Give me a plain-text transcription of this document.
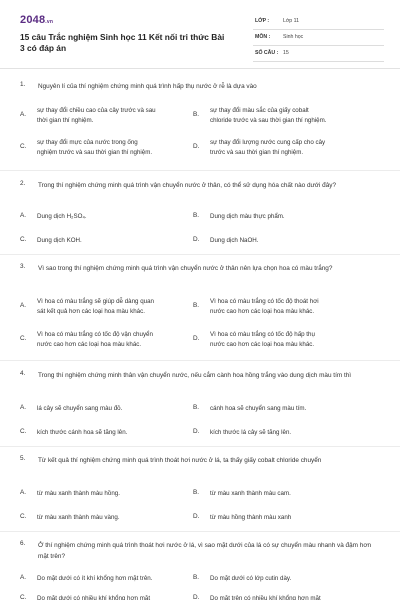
2048.vn
15 câu Trắc nghiệm Sinh học 11 Kết nối tri thức Bài 3 có đáp án
LỚP :	Lớp 11
MÔN : Sinh học
SỐ CÂU : 15
1. Nguyên lí của thí nghiệm chứng minh quá trình hấp thụ nước ở rễ là dựa vào
2. Trong thí nghiệm chứng minh quá trình vận chuyển nước ở thân, có thể sử dụng hóa chất nào dưới đây?
3. Vì sao trong thí nghiệm chứng minh quá trình vận chuyển nước ở thân nên lựa chọn hoa có màu trắng?
4. Trong thí nghiệm chứng minh thân vận chuyển nước, nếu cắm cành hoa hồng trắng vào dung dịch màu tím thì
5. Từ kết quả thí nghiệm chứng minh quá trình thoát hơi nước ở lá, ta thấy giấy cobalt chloride chuyển
6. Ở thí nghiệm chứng minh quá trình thoát hơi nước ở lá, vì sao mặt dưới của lá có sự chuyển màu nhanh và đậm hơn mặt trên?
A.
sự thay đổi chiều cao của cây trước và sau
thời gian thí nghiệm.
B.
sự thay đổi màu sắc của giấy cobalt
chloride trước và sau thời gian thí nghiệm.
C.
sự thay đổi mực của nước trong ống
nghiệm trước và sau thời gian thí nghiệm.
D.
sự thay đổi lượng nước cung cấp cho cây
trước và sau thời gian thí nghiệm.
A. Dung dịch H₂SO₄.	B. Dung dịch màu thực phẩm.
C. Dung dịch KOH.	D. Dung dịch NaOH.
A.
Vì hoa có màu trắng sẽ giúp dễ dàng quan
sát kết quả hơn các loại hoa màu khác.
B.
Vì hoa có màu trắng có tốc độ thoát hơi
nước cao hơn các loại hoa màu khác.
C.
Vì hoa có màu trắng có tốc độ vận chuyển
nước cao hơn các loại hoa màu khác.
D.
Vì hoa có màu trắng có tốc độ hấp thụ
nước cao hơn các loại hoa màu khác.
A. lá cây sẽ chuyển sang màu đỏ.	B. cánh hoa sẽ chuyển sang màu tím.
C. kích thước cánh hoa sẽ tăng lên.	D. kích thước lá cây sẽ tăng lên.
A. từ màu xanh thành màu hồng.	B. từ màu xanh thành màu cam.
C. từ màu xanh thành màu vàng.	D. từ màu hồng thành màu xanh
A. Do mặt dưới có ít khí khổng hơn mặt trên.	B. Do mặt dưới có lớp cutin dày.
C. Do mặt dưới có nhiều khí khổng hơn mặt	D. Do mặt trên có nhiều khí khổng hơn mặt
